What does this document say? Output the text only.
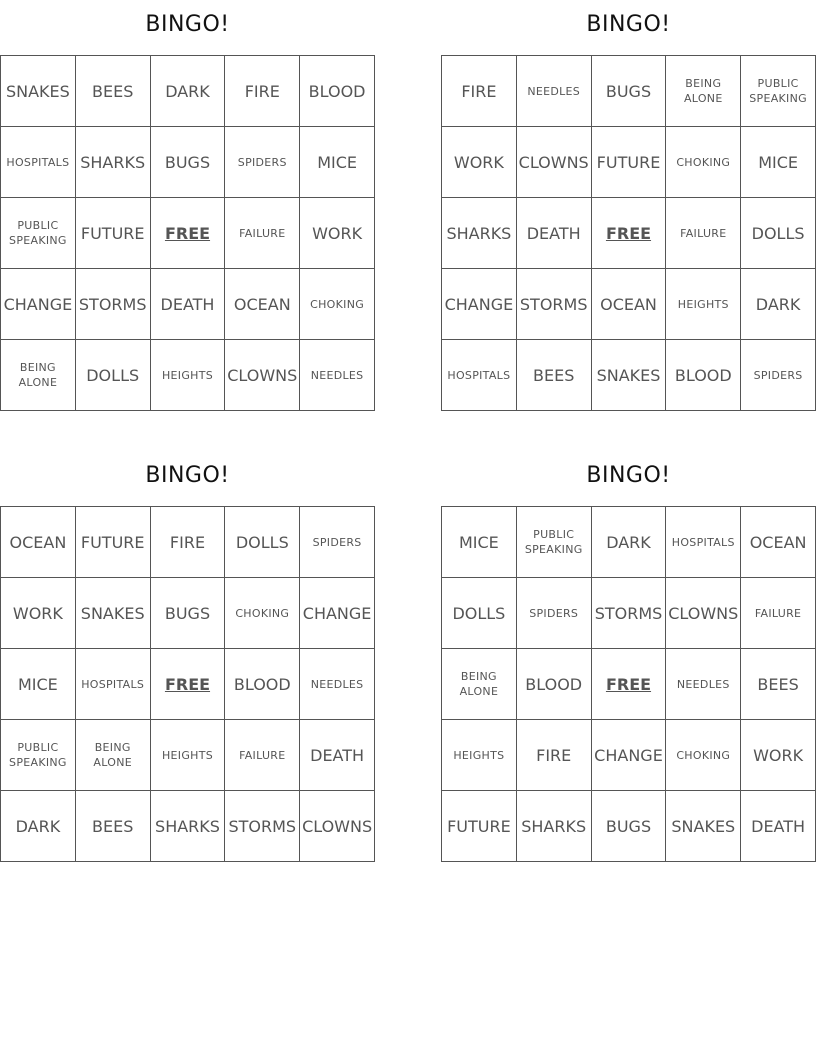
BINGO!
SNAKES	BEES	DARK	FIRE	BLOOD
HOSPITALS	SHARKS	BUGS	SPIDERS	MICE
PUBLIC SPEAKING	FUTURE	FREE	FAILURE	WORK
CHANGE	STORMS	DEATH	OCEAN	CHOKING
BEING ALONE	DOLLS	HEIGHTS	CLOWNS	NEEDLES
BINGO!
FIRE	NEEDLES	BUGS	BEING ALONE	PUBLIC SPEAKING
WORK	CLOWNS	FUTURE	CHOKING	MICE
SHARKS	DEATH	FREE	FAILURE	DOLLS
CHANGE	STORMS	OCEAN	HEIGHTS	DARK
HOSPITALS	BEES	SNAKES	BLOOD	SPIDERS
BINGO!
OCEAN	FUTURE	FIRE	DOLLS	SPIDERS
WORK	SNAKES	BUGS	CHOKING	CHANGE
MICE	HOSPITALS	FREE	BLOOD	NEEDLES
PUBLIC SPEAKING	BEING ALONE	HEIGHTS	FAILURE	DEATH
DARK	BEES	SHARKS	STORMS	CLOWNS
BINGO!
MICE	PUBLIC SPEAKING	DARK	HOSPITALS	OCEAN
DOLLS	SPIDERS	STORMS	CLOWNS	FAILURE
BEING ALONE	BLOOD	FREE	NEEDLES	BEES
HEIGHTS	FIRE	CHANGE	CHOKING	WORK
FUTURE	SHARKS	BUGS	SNAKES	DEATH
